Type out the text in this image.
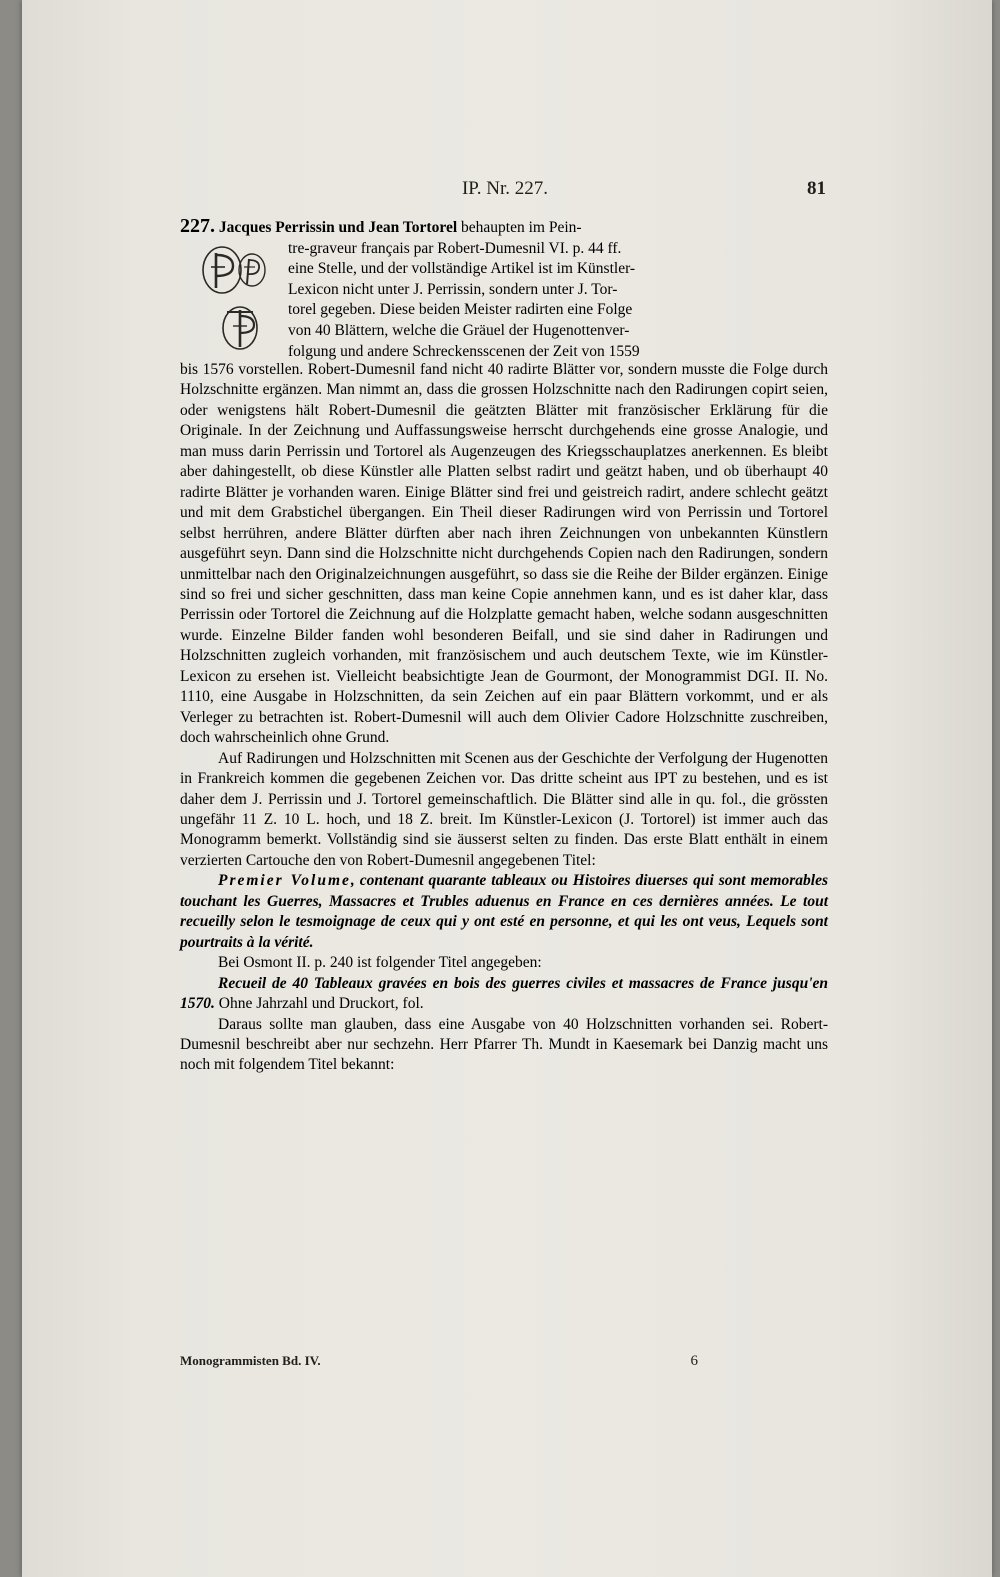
IP. Nr. 227.	81
227. Jacques Perrissin und Jean Tortorel behaupten im Pein-
tre-graveur français par Robert-Dumesnil VI. p. 44 ff.
eine Stelle, und der vollständige Artikel ist im Künstler-
Lexicon nicht unter J. Perrissin, sondern unter J. Tor-
torel gegeben. Diese beiden Meister radirten eine Folge
von 40 Blättern, welche die Gräuel der Hugenottenver-
folgung und andere Schreckensscenen der Zeit von 1559

bis 1576 vorstellen. Robert-Dumesnil fand nicht 40 radirte Blätter vor, sondern musste die Folge durch Holzschnitte ergänzen. Man nimmt an, dass die grossen Holzschnitte nach den Radirungen copirt seien, oder wenigstens hält Robert-Dumesnil die geätzten Blätter mit französischer Erklärung für die Originale. In der Zeichnung und Auffassungsweise herrscht durchgehends eine grosse Analogie, und man muss darin Perrissin und Tortorel als Augenzeugen des Kriegsschauplatzes anerkennen. Es bleibt aber dahingestellt, ob diese Künstler alle Platten selbst radirt und geätzt haben, und ob überhaupt 40 radirte Blätter je vorhanden waren. Einige Blätter sind frei und geistreich radirt, andere schlecht geätzt und mit dem Grabstichel übergangen. Ein Theil dieser Radirungen wird von Perrissin und Tortorel selbst herrühren, andere Blätter dürften aber nach ihren Zeichnungen von unbekannten Künstlern ausgeführt seyn. Dann sind die Holzschnitte nicht durchgehends Copien nach den Radirungen, sondern unmittelbar nach den Originalzeichnungen ausgeführt, so dass sie die Reihe der Bilder ergänzen. Einige sind so frei und sicher geschnitten, dass man keine Copie annehmen kann, und es ist daher klar, dass Perrissin oder Tortorel die Zeichnung auf die Holzplatte gemacht haben, welche sodann ausgeschnitten wurde. Einzelne Bilder fanden wohl besonderen Beifall, und sie sind daher in Radirungen und Holzschnitten zugleich vorhanden, mit französischem und auch deutschem Texte, wie im Künstler-Lexicon zu ersehen ist. Vielleicht beabsichtigte Jean de Gourmont, der Monogrammist DGI. II. No. 1110, eine Ausgabe in Holzschnitten, da sein Zeichen auf ein paar Blättern vorkommt, und er als Verleger zu betrachten ist. Robert-Dumesnil will auch dem Olivier Cadore Holzschnitte zuschreiben, doch wahrscheinlich ohne Grund.

Auf Radirungen und Holzschnitten mit Scenen aus der Geschichte der Verfolgung der Hugenotten in Frankreich kommen die gegebenen Zeichen vor. Das dritte scheint aus IPT zu bestehen, und es ist daher dem J. Perrissin und J. Tortorel gemeinschaftlich. Die Blätter sind alle in qu. fol., die grössten ungefähr 11 Z. 10 L. hoch, und 18 Z. breit. Im Künstler-Lexicon (J. Tortorel) ist immer auch das Monogramm bemerkt. Vollständig sind sie äusserst selten zu finden. Das erste Blatt enthält in einem verzierten Cartouche den von Robert-Dumesnil angegebenen Titel:

Premier Volume, contenant quarante tableaux ou Histoires diuerses qui sont memorables touchant les Guerres, Massacres et Trubles aduenus en France en ces dernières années. Le tout recueilly selon le tesmoignage de ceux qui y ont esté en personne, et qui les ont veus, Lequels sont pourtraits à la vérité.

Bei Osmont II. p. 240 ist folgender Titel angegeben:

Recueil de 40 Tableaux gravées en bois des guerres civiles et massacres de France jusqu'en 1570. Ohne Jahrzahl und Druckort, fol.

Daraus sollte man glauben, dass eine Ausgabe von 40 Holzschnitten vorhanden sei. Robert-Dumesnil beschreibt aber nur sechzehn. Herr Pfarrer Th. Mundt in Kaesemark bei Danzig macht uns noch mit folgendem Titel bekannt:

Monogrammisten Bd. IV.	6
